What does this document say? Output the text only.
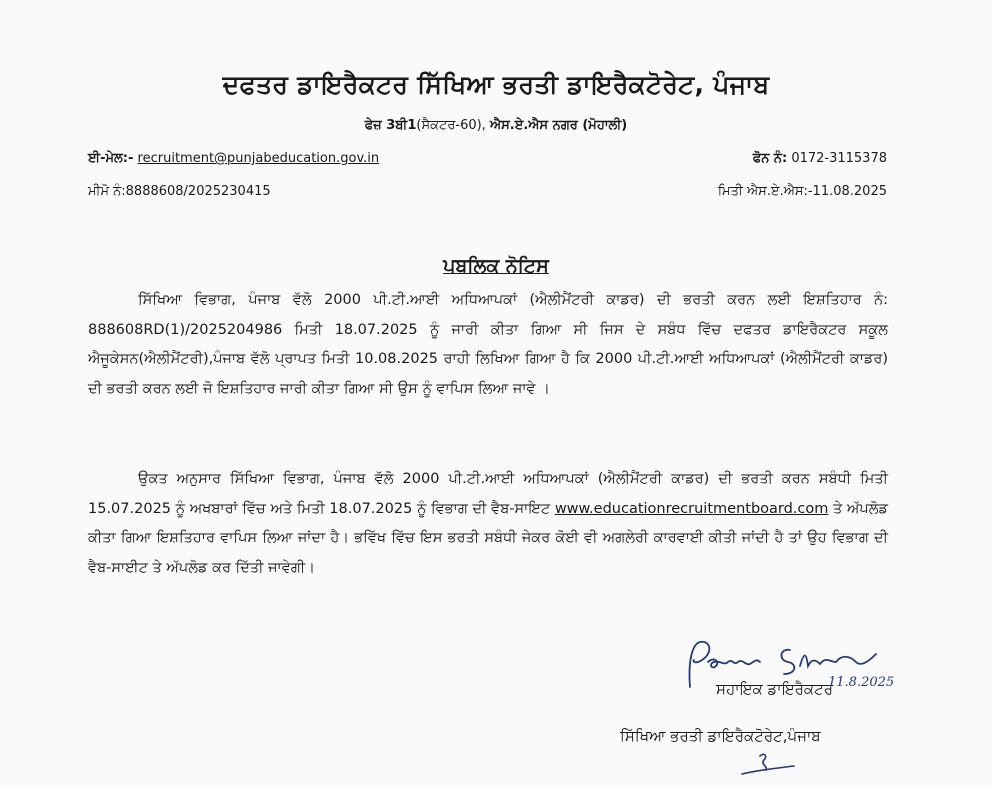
ਦਫਤਰ ਡਾਇਰੈਕਟਰ ਸਿੱਖਿਆ ਭਰਤੀ ਡਾਇਰੈਕਟੋਰੇਟ, ਪੰਜਾਬ
ਫੇਜ਼ 3ਬੀ1(ਸੈਕਟਰ-60), ਐਸ.ਏ.ਐਸ ਨਗਰ (ਮੋਹਾਲੀ)
ਈ-ਮੇਲ:- recruitment@punjabeducation.gov.in	ਫੋਨ ਨੰ: 0172-3115378
ਮੀਮੋ ਨੰ:8888608/2025230415	ਮਿਤੀ ਐਸ.ਏ.ਐਸ:-11.08.2025
ਪਬਲਿਕ ਨੋਟਿਸ
ਸਿੱਖਿਆ ਵਿਭਾਗ, ਪੰਜਾਬ ਵੱਲੋ 2000 ਪੀ.ਟੀ.ਆਈ ਅਧਿਆਪਕਾਂ (ਐਲੀਮੈਂਟਰੀ ਕਾਡਰ) ਦੀ ਭਰਤੀ ਕਰਨ ਲਈ ਇਸ਼ਤਿਹਾਰ ਨੰ: 888608RD(1)/2025204986 ਮਿਤੀ 18.07.2025 ਨੂੰ ਜਾਰੀ ਕੀਤਾ ਗਿਆ ਸੀ ਜਿਸ ਦੇ ਸਬੰਧ ਵਿੱਚ ਦਫਤਰ ਡਾਇਰੈਕਟਰ ਸਕੂਲ ਐਜੂਕੇਸਨ(ਐਲੀਮੈਂਟਰੀ),ਪੰਜਾਬ ਵੱਲੋ ਪ੍ਰਾਪਤ ਮਿਤੀ 10.08.2025 ਰਾਹੀ ਲਿਖਿਆ ਗਿਆ ਹੈ ਕਿ 2000 ਪੀ.ਟੀ.ਆਈ ਅਧਿਆਪਕਾਂ (ਐਲੀਮੈਂਟਰੀ ਕਾਡਰ) ਦੀ ਭਰਤੀ ਕਰਨ ਲਈ ਜੋ ਇਸ਼ਤਿਹਾਰ ਜਾਰੀ ਕੀਤਾ ਗਿਆ ਸੀ ਉਸ ਨੂੰ ਵਾਪਿਸ ਲਿਆ ਜਾਵੇ ।
ਉਕਤ ਅਨੁਸਾਰ ਸਿੱਖਿਆ ਵਿਭਾਗ, ਪੰਜਾਬ ਵੱਲੋ 2000 ਪੀ.ਟੀ.ਆਈ ਅਧਿਆਪਕਾਂ (ਐਲੀਮੈਂਟਰੀ ਕਾਡਰ) ਦੀ ਭਰਤੀ ਕਰਨ ਸਬੰਧੀ ਮਿਤੀ 15.07.2025 ਨੂੰ ਅਖਬਾਰਾਂ ਵਿੱਚ ਅਤੇ ਮਿਤੀ 18.07.2025 ਨੂੰ ਵਿਭਾਗ ਦੀ ਵੈਬ-ਸਾਇਟ www.educationrecruitmentboard.com ਤੇ ਅੱਪਲੋਡ ਕੀਤਾ ਗਿਆ ਇਸ਼ਤਿਹਾਰ ਵਾਪਿਸ ਲਿਆ ਜਾਂਦਾ ਹੈ। ਭਵਿੱਖ ਵਿੱਚ ਇਸ ਭਰਤੀ ਸਬੰਧੀ ਜੇਕਰ ਕੋਈ ਵੀ ਅਗਲੇਰੀ ਕਾਰਵਾਈ ਕੀਤੀ ਜਾਂਦੀ ਹੈ ਤਾਂ ਉਹ ਵਿਭਾਗ ਦੀ ਵੈਬ-ਸਾਈਟ ਤੇ ਅੱਪਲੋਡ ਕਰ ਦਿੱਤੀ ਜਾਵੇਗੀ।
ਸਹਾਇਕ ਡਾਇਰੈਕਟਰ
11.8.2025
ਸਿੱਖਿਆ ਭਰਤੀ ਡਾਇਰੈਕਟੋਰੇਟ,ਪੰਜਾਬ
